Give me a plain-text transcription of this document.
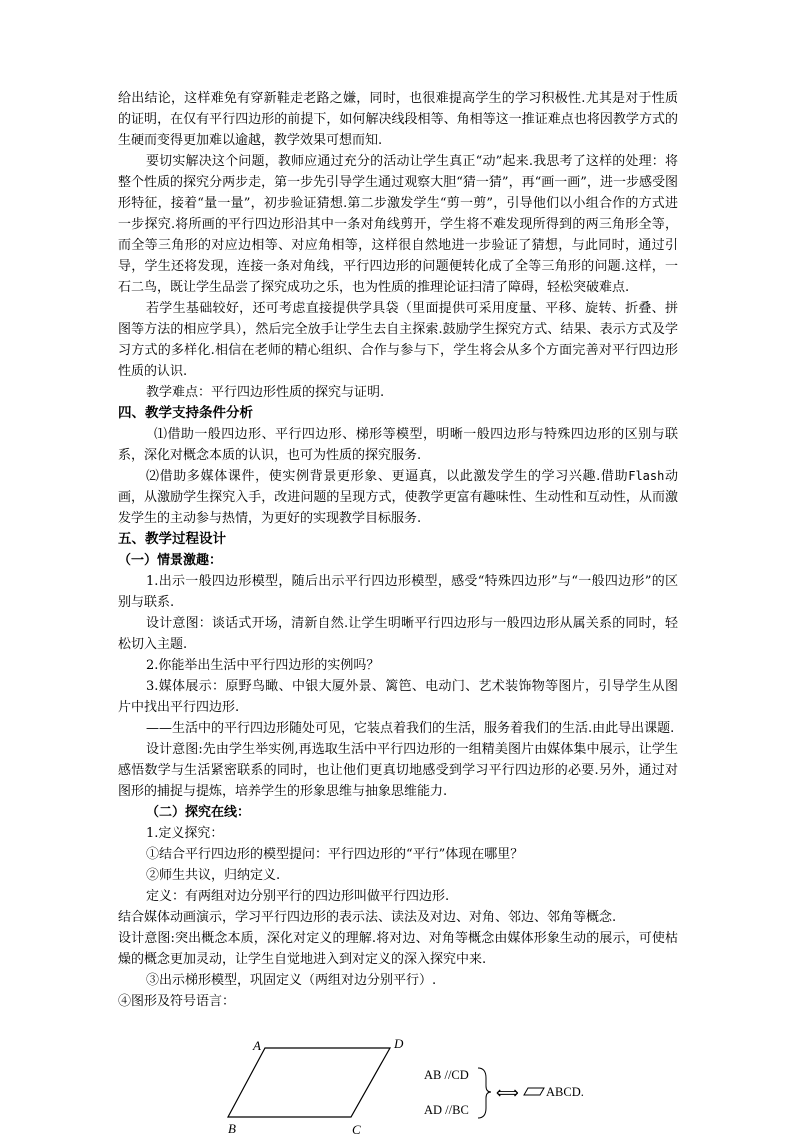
给出结论，这样难免有穿新鞋走老路之嫌，同时，也很难提高学生的学习积极性.尤其是对于性质的证明，在仅有平行四边形的前提下，如何解决线段相等、角相等这一推证难点也将因教学方式的生硬而变得更加难以逾越，教学效果可想而知.

要切实解决这个问题，教师应通过充分的活动让学生真正“动”起来.我思考了这样的处理：将整个性质的探究分两步走，第一步先引导学生通过观察大胆“猜一猜”，再“画一画”，进一步感受图形特征，接着“量一量”，初步验证猜想.第二步激发学生“剪一剪”，引导他们以小组合作的方式进一步探究.将所画的平行四边形沿其中一条对角线剪开，学生将不难发现所得到的两三角形全等，而全等三角形的对应边相等、对应角相等，这样很自然地进一步验证了猜想，与此同时，通过引导，学生还将发现，连接一条对角线，平行四边形的问题便转化成了全等三角形的问题.这样，一石二鸟，既让学生品尝了探究成功之乐，也为性质的推理论证扫清了障碍，轻松突破难点.

若学生基础较好，还可考虑直接提供学具袋（里面提供可采用度量、平移、旋转、折叠、拼图等方法的相应学具），然后完全放手让学生去自主探索.鼓励学生探究方式、结果、表示方式及学习方式的多样化.相信在老师的精心组织、合作与参与下，学生将会从多个方面完善对平行四边形性质的认识.

教学难点：平行四边形性质的探究与证明.

四、教学支持条件分析

⑴借助一般四边形、平行四边形、梯形等模型，明晰一般四边形与特殊四边形的区别与联系，深化对概念本质的认识，也可为性质的探究服务.

⑵借助多媒体课件，使实例背景更形象、更逼真，以此激发学生的学习兴趣.借助Flash动画，从激励学生探究入手，改进问题的呈现方式，使教学更富有趣味性、生动性和互动性，从而激发学生的主动参与热情，为更好的实现教学目标服务.

五、教学过程设计

（一）情景激趣：

1.出示一般四边形模型，随后出示平行四边形模型，感受“特殊四边形”与“一般四边形”的区别与联系.

设计意图：谈话式开场，清新自然.让学生明晰平行四边形与一般四边形从属关系的同时，轻松切入主题.

2.你能举出生活中平行四边形的实例吗？

3.媒体展示：原野鸟瞰、中银大厦外景、篱笆、电动门、艺术装饰物等图片，引导学生从图片中找出平行四边形.

——生活中的平行四边形随处可见，它装点着我们的生活，服务着我们的生活.由此导出课题.

设计意图:先由学生举实例,再选取生活中平行四边形的一组精美图片由媒体集中展示，让学生感悟数学与生活紧密联系的同时，也让他们更真切地感受到学习平行四边形的必要.另外，通过对图形的捕捉与提炼，培养学生的形象思维与抽象思维能力.

（二）探究在线：

1.定义探究：

①结合平行四边形的模型提问：平行四边形的“平行”体现在哪里？

②师生共议，归纳定义.

定义：有两组对边分别平行的四边形叫做平行四边形.

结合媒体动画演示，学习平行四边形的表示法、读法及对边、对角、邻边、邻角等概念.

设计意图:突出概念本质，深化对定义的理解.将对边、对角等概念由媒体形象生动的展示，可使枯燥的概念更加灵动，让学生自觉地进入到对定义的深入探究中来.

③出示梯形模型，巩固定义（两组对边分别平行）.

④图形及符号语言：

A	D
B	C
AB //CD
AD //BC
⟺ ABCD.
